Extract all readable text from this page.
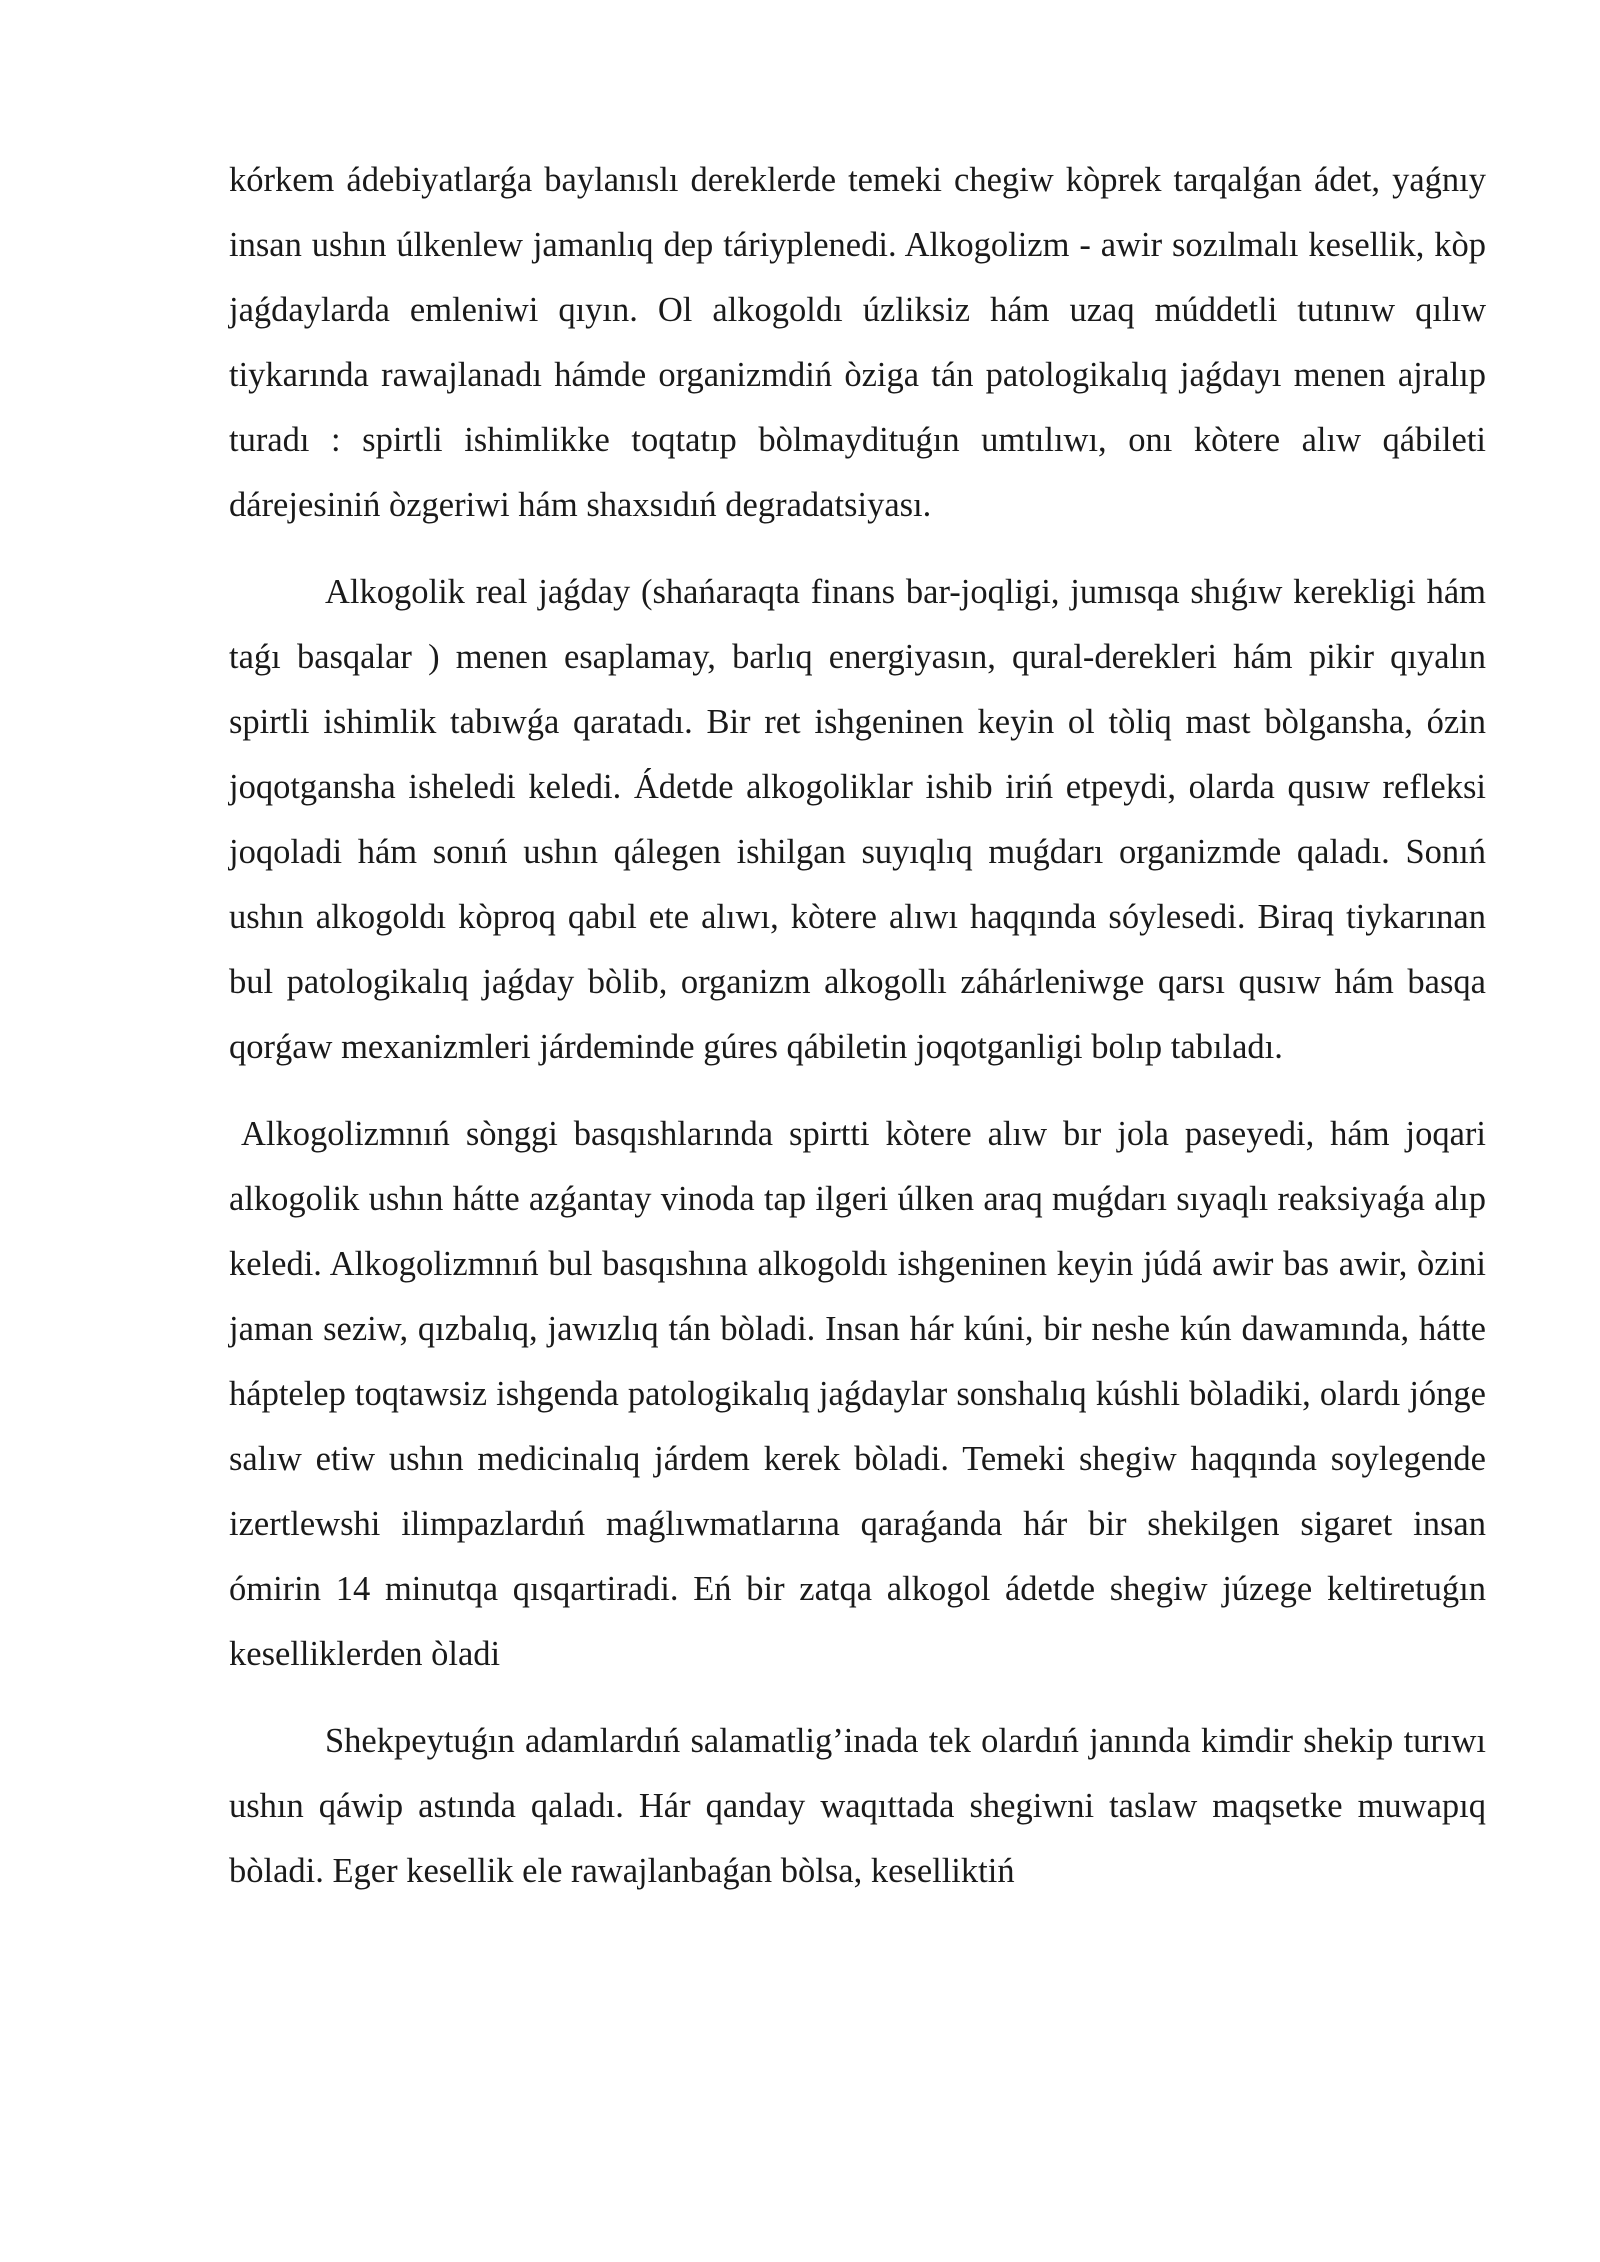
kórkem ádebiyatlarǵa baylanıslı dereklerde temeki chegiw kòprek tarqalǵan ádet, yaǵnıy insan ushın úlkenlew jamanlıq dep táriyplenedi. Alkogolizm - awir sozılmalı kesellik, kòp jaǵdaylarda emleniwi qıyın. Ol alkogoldı úzliksiz hám uzaq múddetli tutınıw qılıw tiykarında rawajlanadı hámde organizmdiń òziga tán patologikalıq jaǵdayı menen ajralıp turadı : spirtli ishimlikke toqtatıp bòlmaydituǵın umtılıwı, onı kòtere alıw qábileti dárejesiniń òzgeriwi hám shaxsıdıń degradatsiyası.

Alkogolik real jaǵday (shańaraqta finans bar-joqligi, jumısqa shıǵıw kerekligi hám taǵı basqalar ) menen esaplamay, barlıq energiyasın, qural-derekleri hám pikir qıyalın spirtli ishimlik tabıwǵa qaratadı. Bir ret ishgeninen keyin ol tòliq mast bòlgansha, ózin joqotgansha isheledi keledi. Ádetde alkogoliklar ishib iriń etpeydi, olarda qusıw refleksi joqoladi hám sonıń ushın qálegen ishilgan suyıqlıq muǵdarı organizmde qaladı. Sonıń ushın alkogoldı kòproq qabıl ete alıwı, kòtere alıwı haqqında sóylesedi. Biraq tiykarınan bul patologikalıq jaǵday bòlib, organizm alkogollı záhárleniwge qarsı qusıw hám basqa qorǵaw mexanizmleri járdeminde gúres qábiletin joqotganligi bolıp tabıladı.

Alkogolizmnıń sònggi basqıshlarında spirtti kòtere alıw bır jola paseyedi, hám joqari alkogolik ushın hátte azǵantay vinoda tap ilgeri úlken araq muǵdarı sıyaqlı reaksiyaǵa alıp keledi. Alkogolizmnıń bul basqıshına alkogoldı ishgeninen keyin júdá awir bas awir, òzini jaman seziw, qızbalıq, jawızlıq tán bòladi. Insan hár kúni, bir neshe kún dawamında, hátte háptelep toqtawsiz ishgenda patologikalıq jaǵdaylar sonshalıq kúshli bòladiki, olardı jónge salıw etiw ushın medicinalıq járdem kerek bòladi. Temeki shegiw haqqında soylegende izertlewshi ilimpazlardıń maǵlıwmatlarına qaraǵanda hár bir shekilgen sigaret insan ómirin 14 minutqa qısqartiradi. Eń bir zatqa alkogol ádetde shegiw júzege keltiretuǵın keselliklerden òladi

Shekpeytuǵın adamlardıń salamatlig’inada tek olardıń janında kimdir shekip turıwı ushın qáwip astında qaladı. Hár qanday waqıttada shegiwni taslaw maqsetke muwapıq bòladi. Eger kesellik ele rawajlanbaǵan bòlsa, keselliktiń
